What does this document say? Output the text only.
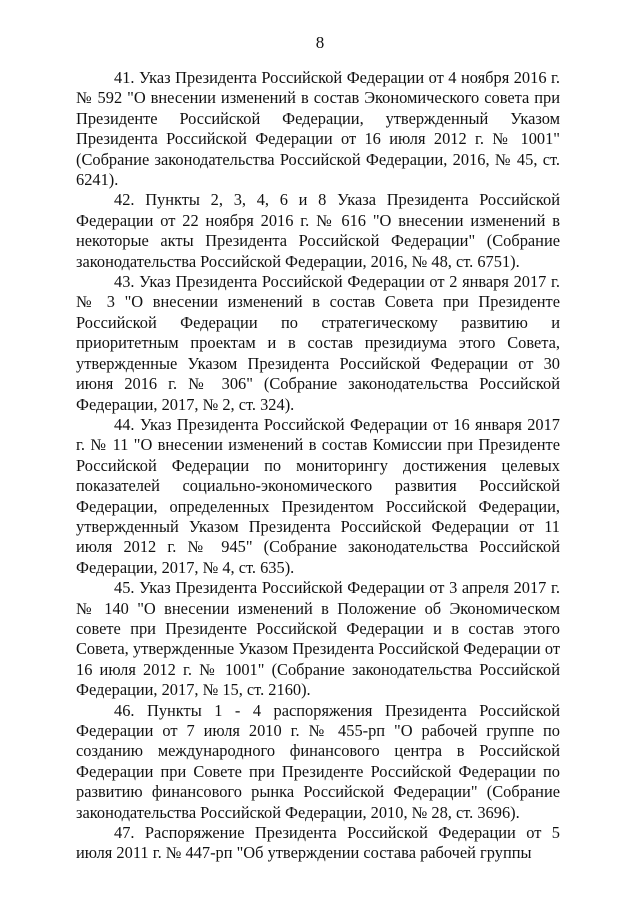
8

41. Указ Президента Российской Федерации от 4 ноября 2016 г. № 592 "О внесении изменений в состав Экономического совета при Президенте Российской Федерации, утвержденный Указом Президента Российской Федерации от 16 июля 2012 г. № 1001" (Собрание законодательства Российской Федерации, 2016, № 45, ст. 6241).

42. Пункты 2, 3, 4, 6 и 8 Указа Президента Российской Федерации от 22 ноября 2016 г. № 616 "О внесении изменений в некоторые акты Президента Российской Федерации" (Собрание законодательства Российской Федерации, 2016, № 48, ст. 6751).

43. Указ Президента Российской Федерации от 2 января 2017 г. № 3 "О внесении изменений в состав Совета при Президенте Российской Федерации по стратегическому развитию и приоритетным проектам и в состав президиума этого Совета, утвержденные Указом Президента Российской Федерации от 30 июня 2016 г. № 306" (Собрание законодательства Российской Федерации, 2017, № 2, ст. 324).

44. Указ Президента Российской Федерации от 16 января 2017 г. № 11 "О внесении изменений в состав Комиссии при Президенте Российской Федерации по мониторингу достижения целевых показателей социально-экономического развития Российской Федерации, определенных Президентом Российской Федерации, утвержденный Указом Президента Российской Федерации от 11 июля 2012 г. № 945" (Собрание законодательства Российской Федерации, 2017, № 4, ст. 635).

45. Указ Президента Российской Федерации от 3 апреля 2017 г. № 140 "О внесении изменений в Положение об Экономическом совете при Президенте Российской Федерации и в состав этого Совета, утвержденные Указом Президента Российской Федерации от 16 июля 2012 г. № 1001" (Собрание законодательства Российской Федерации, 2017, № 15, ст. 2160).

46. Пункты 1 - 4 распоряжения Президента Российской Федерации от 7 июля 2010 г. № 455-рп "О рабочей группе по созданию международного финансового центра в Российской Федерации при Совете при Президенте Российской Федерации по развитию финансового рынка Российской Федерации" (Собрание законодательства Российской Федерации, 2010, № 28, ст. 3696).

47. Распоряжение Президента Российской Федерации от 5 июля 2011 г. № 447-рп "Об утверждении состава рабочей группы
